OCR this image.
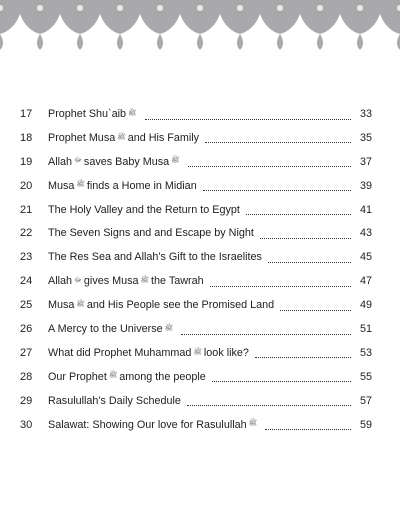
17	Prophet Shu`aib ﷺ	33
18	Prophet Musa ﷺ and His Family	35
19	Allah ﷻ saves Baby Musa ﷺ	37
20	Musa ﷺ finds a Home in Midian	39
21	The Holy Valley and the Return to Egypt	41
22	The Seven Signs and and Escape by Night	43
23	The Res Sea and Allah's Gift to the Israelites	45
24	Allah ﷻ gives Musa ﷺ the Tawrah	47
25	Musa ﷺ and His People see the Promised Land	49
26	A Mercy to the Universe ﷺ	51
27	What did Prophet Muhammad ﷺ look like?	53
28	Our Prophet ﷺ among the people	55
29	Rasulullah's Daily Schedule	57
30	Salawat: Showing Our love for Rasulullah ﷺ	59
